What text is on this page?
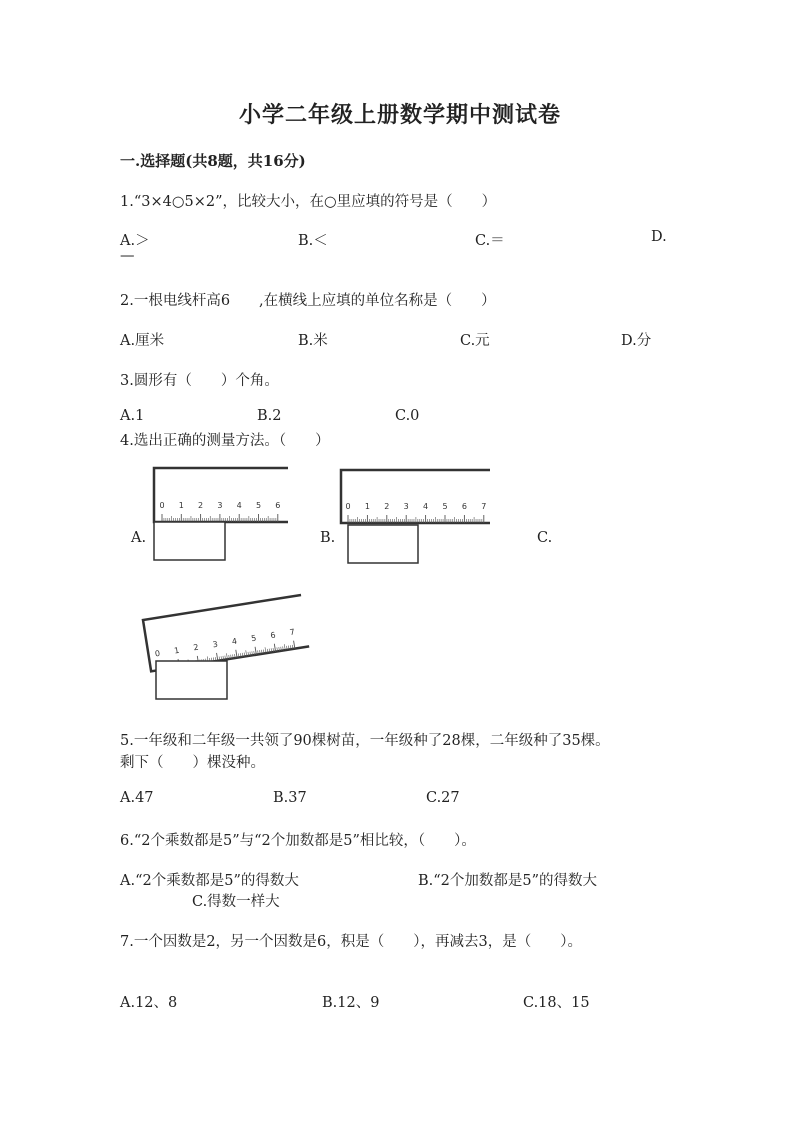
小学二年级上册数学期中测试卷
一.选择题(共8题，共16分)
1.“3×4○5×2”，比较大小，在○里应填的符号是（　　）
A.＞	B.＜	C.＝	D.
—
2.一根电线杆高6　　,在横线上应填的单位名称是（　　）
A.厘米	B.米	C.元	D.分
3.圆形有（　　）个角。
A.1	B.2	C.0
4.选出正确的测量方法。（　　）
A.	B.	C.
0 1 2 3 4 5 6	0 1 2 3 4 5 6 7
0 1 2 3 4 5 6 7
5.一年级和二年级一共领了90棵树苗，一年级种了28棵，二年级种了35棵。
剩下（　　）棵没种。
A.47	B.37	C.27
6.“2个乘数都是5”与“2个加数都是5”相比较，（　　）。
A.“2个乘数都是5”的得数大	B.“2个加数都是5”的得数大
C.得数一样大
7.一个因数是2，另一个因数是6，积是（　　），再减去3，是（　　）。
A.12、8	B.12、9	C.18、15
